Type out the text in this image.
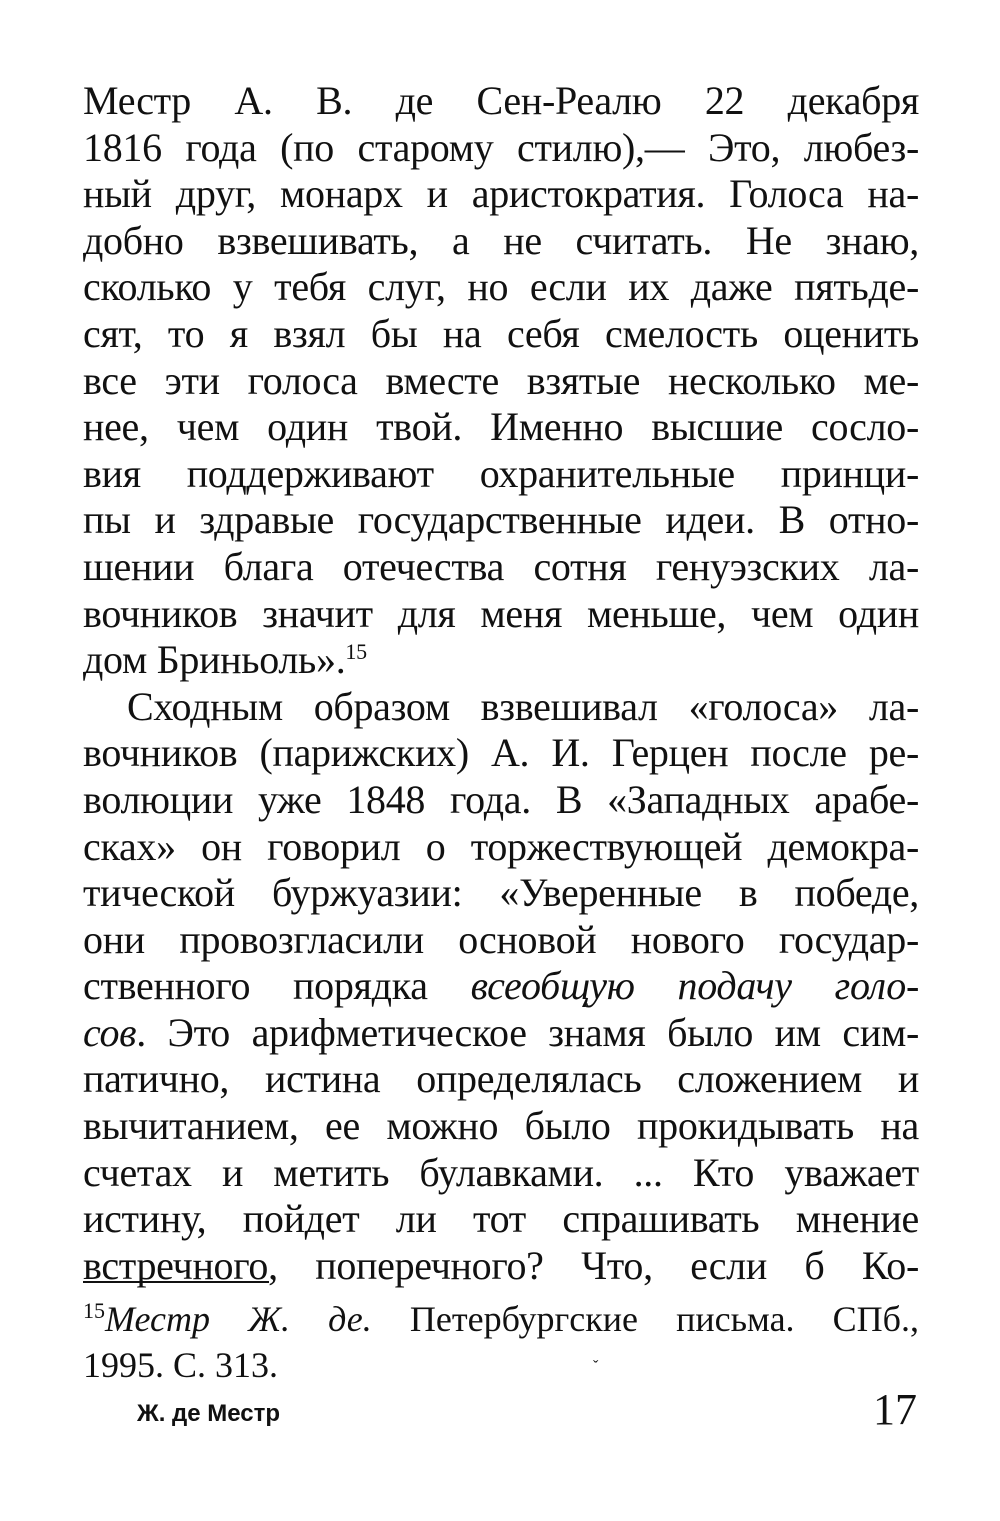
Местр А. В. де Сен-Реалю 22 декабря
1816 года (по старому стилю),— Это, любез-
ный друг, монарх и аристократия. Голоса на-
добно взвешивать, а не считать. Не знаю,
сколько у тебя слуг, но если их даже пятьде-
сят, то я взял бы на себя смелость оценить
все эти голоса вместе взятые несколько ме-
нее, чем один твой. Именно высшие сосло-
вия поддерживают охранительные принци-
пы и здравые государственные идеи. В отно-
шении блага отечества сотня генуэзских ла-
вочников значит для меня меньше, чем один
дом Бриньоль».$^{15}$
Сходным образом взвешивал «голоса» ла-
вочников (парижских) А. И. Герцен после ре-
волюции уже 1848 года. В «Западных арабе-
сках» он говорил о торжествующей демокра-
тической буржуазии: «Уверенные в победе,
они провозгласили основой нового государ-
ственного порядка всеобщую подачу голо-
сов. Это арифметическое знамя было им сим-
патично, истина определялась сложением и
вычитанием, ее можно было прокидывать на
счетах и метить булавками. ... Кто уважает
истину, пойдет ли тот спрашивать мнение
встречного, поперечного? Что, если б Ко-
$^{15}$Местр Ж. де. Петербургские письма. СПб.,
1995. С. 313.	ˇ
Ж. де Местр	17
